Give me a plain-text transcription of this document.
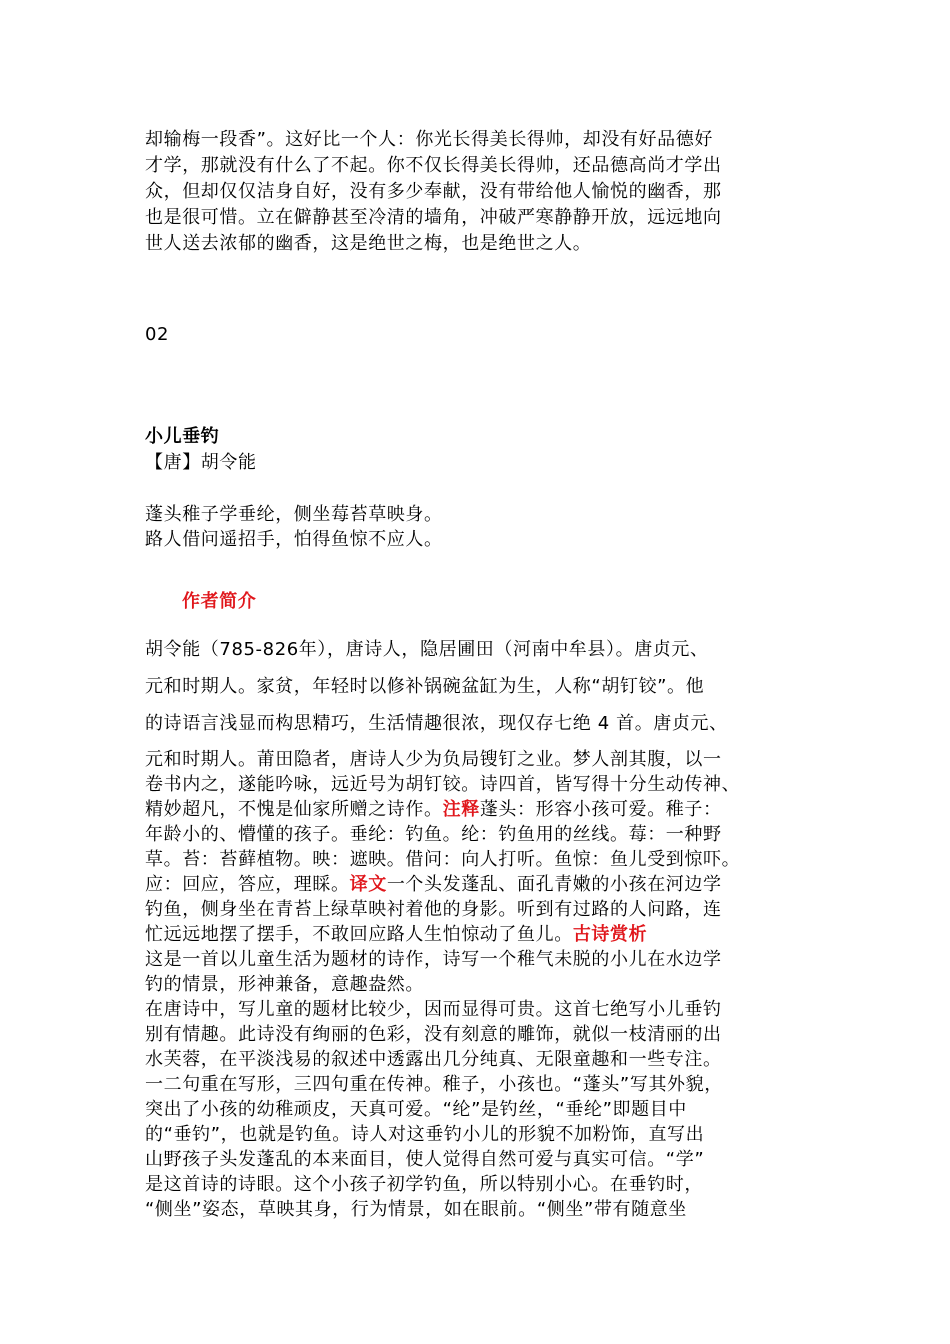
却输梅一段香”。这好比一个人：你光长得美长得帅，却没有好品德好
才学，那就没有什么了不起。你不仅长得美长得帅，还品德高尚才学出
众，但却仅仅洁身自好，没有多少奉献，没有带给他人愉悦的幽香，那
也是很可惜。立在僻静甚至冷清的墙角，冲破严寒静静开放，远远地向
世人送去浓郁的幽香，这是绝世之梅，也是绝世之人。
02
小儿垂钓
【唐】胡令能
蓬头稚子学垂纶，侧坐莓苔草映身。
路人借问遥招手，怕得鱼惊不应人。
作者简介
胡令能（785-826年），唐诗人，隐居圃田（河南中牟县）。唐贞元、
元和时期人。家贫，年轻时以修补锅碗盆缸为生，人称“胡钉铰”。他
的诗语言浅显而构思精巧，生活情趣很浓，现仅存七绝 4 首。唐贞元、
元和时期人。莆田隐者，唐诗人少为负局锼钉之业。梦人剖其腹，以一
卷书内之，遂能吟咏，远近号为胡钉铰。诗四首，皆写得十分生动传神、
精妙超凡，不愧是仙家所赠之诗作。注释蓬头：形容小孩可爱。稚子：
年龄小的、懵懂的孩子。垂纶：钓鱼。纶：钓鱼用的丝线。莓：一种野
草。苔：苔藓植物。映：遮映。借问：向人打听。鱼惊：鱼儿受到惊吓。
应：回应，答应，理睬。译文一个头发蓬乱、面孔青嫩的小孩在河边学
钓鱼，侧身坐在青苔上绿草映衬着他的身影。听到有过路的人问路，连
忙远远地摆了摆手，不敢回应路人生怕惊动了鱼儿。古诗赏析
这是一首以儿童生活为题材的诗作，诗写一个稚气未脱的小儿在水边学
钓的情景，形神兼备，意趣盎然。
在唐诗中，写儿童的题材比较少，因而显得可贵。这首七绝写小儿垂钓
别有情趣。此诗没有绚丽的色彩，没有刻意的雕饰，就似一枝清丽的出
水芙蓉，在平淡浅易的叙述中透露出几分纯真、无限童趣和一些专注。
一二句重在写形，三四句重在传神。稚子，小孩也。“蓬头”写其外貌，
突出了小孩的幼稚顽皮，天真可爱。“纶”是钓丝，“垂纶”即题目中
的“垂钓”，也就是钓鱼。诗人对这垂钓小儿的形貌不加粉饰，直写出
山野孩子头发蓬乱的本来面目，使人觉得自然可爱与真实可信。“学”
是这首诗的诗眼。这个小孩子初学钓鱼，所以特别小心。在垂钓时，
“侧坐”姿态，草映其身，行为情景，如在眼前。“侧坐”带有随意坐
